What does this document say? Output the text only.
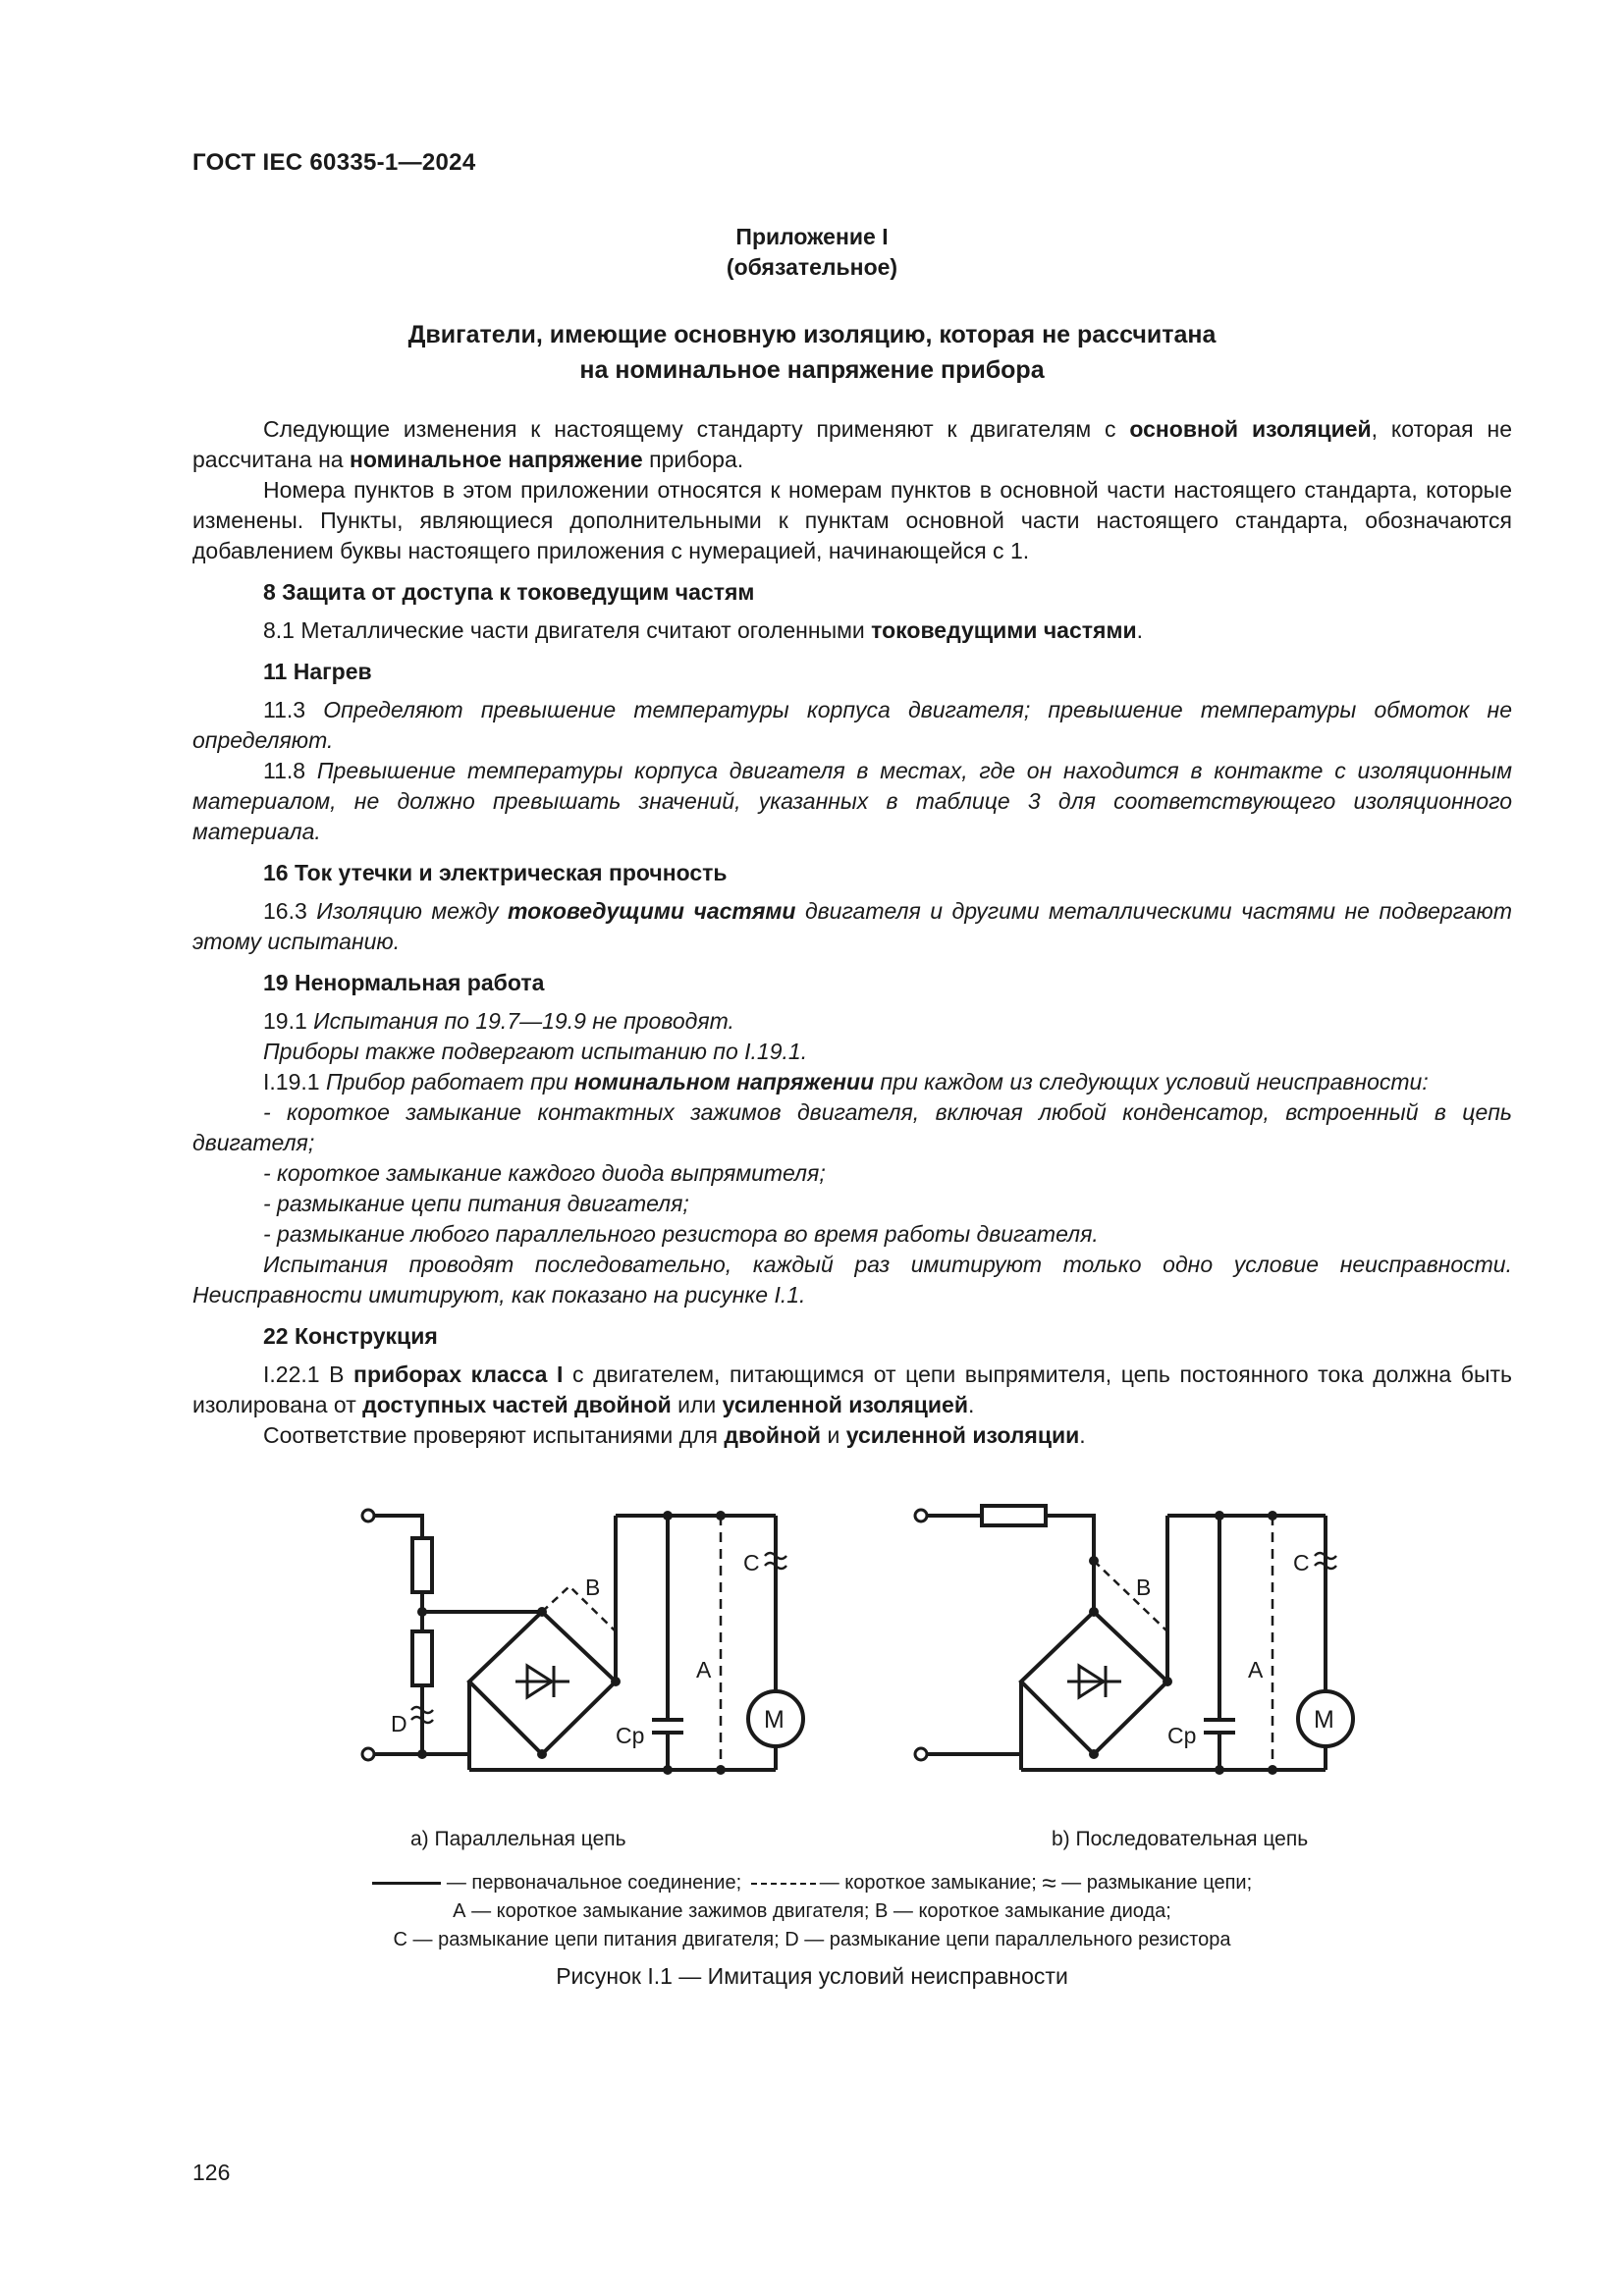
ГОСТ IEC 60335-1—2024
Приложение I
(обязательное)
Двигатели, имеющие основную изоляцию, которая не рассчитана
на номинальное напряжение прибора

Следующие изменения к настоящему стандарту применяют к двигателям с основной изоляцией, которая не рассчитана на номинальное напряжение прибора.

Номера пунктов в этом приложении относятся к номерам пунктов в основной части настоящего стандарта, которые изменены. Пункты, являющиеся дополнительными к пунктам основной части настоящего стандарта, обозначаются добавлением буквы настоящего приложения с нумерацией, начинающейся с 1.

8 Защита от доступа к токоведущим частям

8.1 Металлические части двигателя считают оголенными токоведущими частями.

11 Нагрев

11.3 Определяют превышение температуры корпуса двигателя; превышение температуры обмоток не определяют.

11.8 Превышение температуры корпуса двигателя в местах, где он находится в контакте с изоляционным материалом, не должно превышать значений, указанных в таблице 3 для соответствующего изоляционного материала.

16 Ток утечки и электрическая прочность

16.3 Изоляцию между токоведущими частями двигателя и другими металлическими частями не подвергают этому испытанию.

19 Ненормальная работа

19.1 Испытания по 19.7—19.9 не проводят.

Приборы также подвергают испытанию по I.19.1.

I.19.1 Прибор работает при номинальном напряжении при каждом из следующих условий неисправности:

- короткое замыкание контактных зажимов двигателя, включая любой конденсатор, встроенный в цепь двигателя;

- короткое замыкание каждого диода выпрямителя;

- размыкание цепи питания двигателя;

- размыкание любого параллельного резистора во время работы двигателя.

Испытания проводят последовательно, каждый раз имитируют только одно условие неисправности. Неисправности имитируют, как показано на рисунке I.1.

22 Конструкция

I.22.1 В приборах класса I с двигателем, питающимся от цепи выпрямителя, цепь постоянного тока должна быть изолирована от доступных частей двойной или усиленной изоляцией.

Соответствие проверяют испытаниями для двойной и усиленной изоляции.

B
C
A
D	Cp
M
B
C
A
Cp
M
а) Параллельная цепь	b) Последовательная цепь
— первоначальное соединение;	— короткое замыкание; ≈ — размыкание цепи;
А — короткое замыкание зажимов двигателя; В — короткое замыкание диода;
С — размыкание цепи питания двигателя; D — размыкание цепи параллельного резистора
Рисунок I.1 — Имитация условий неисправности
126
